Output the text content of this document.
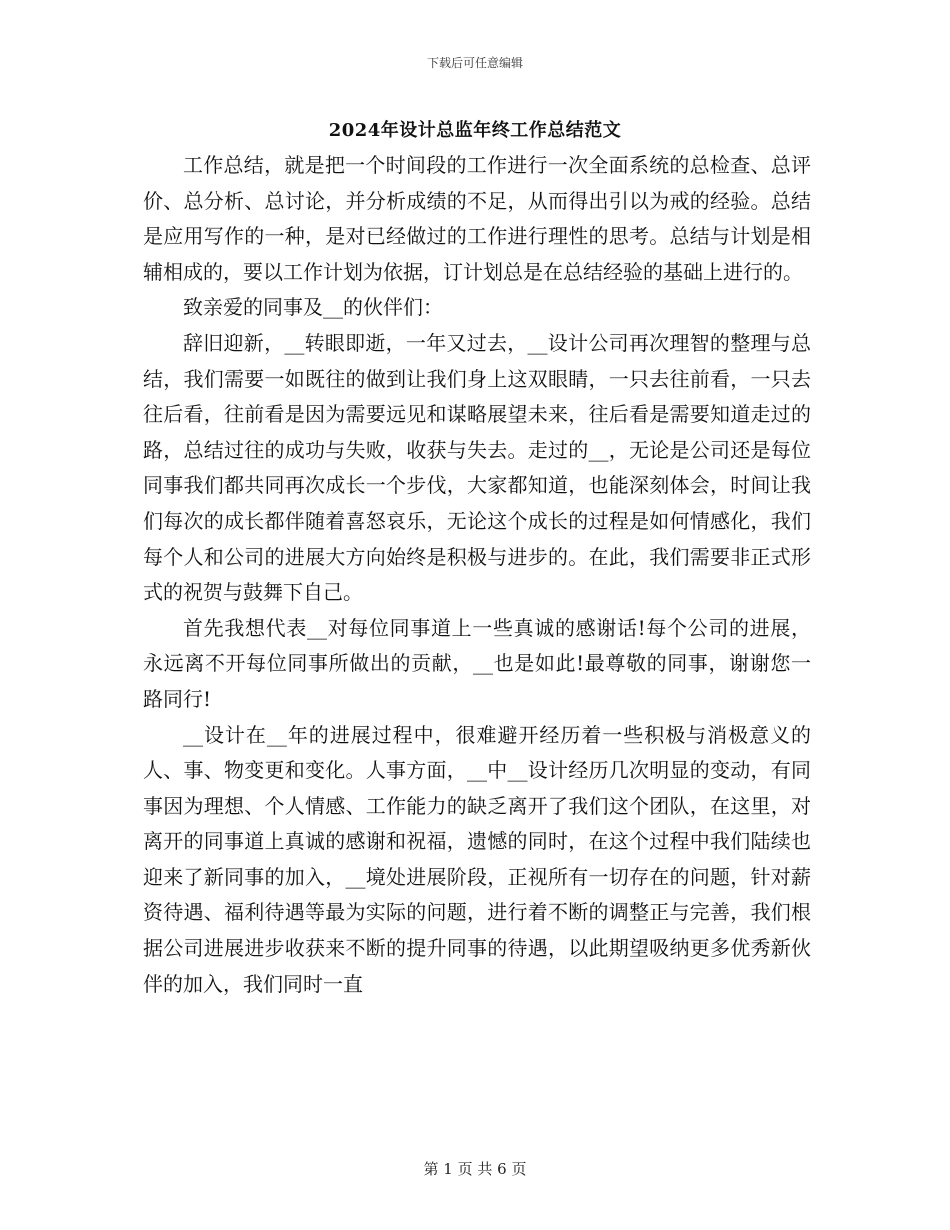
下载后可任意编辑
2024年设计总监年终工作总结范文

工作总结，就是把一个时间段的工作进行一次全面系统的总检查、总评价、总分析、总讨论，并分析成绩的不足，从而得出引以为戒的经验。总结是应用写作的一种，是对已经做过的工作进行理性的思考。总结与计划是相辅相成的，要以工作计划为依据，订计划总是在总结经验的基础上进行的。

致亲爱的同事及__的伙伴们：

辞旧迎新，__转眼即逝，一年又过去，__设计公司再次理智的整理与总结，我们需要一如既往的做到让我们身上这双眼睛，一只去往前看，一只去往后看，往前看是因为需要远见和谋略展望未来，往后看是需要知道走过的路，总结过往的成功与失败，收获与失去。走过的__，无论是公司还是每位同事我们都共同再次成长一个步伐，大家都知道，也能深刻体会，时间让我们每次的成长都伴随着喜怒哀乐，无论这个成长的过程是如何情感化，我们每个人和公司的进展大方向始终是积极与进步的。在此，我们需要非正式形式的祝贺与鼓舞下自己。

首先我想代表__对每位同事道上一些真诚的感谢话!每个公司的进展，永远离不开每位同事所做出的贡献，__也是如此!最尊敬的同事，谢谢您一路同行!

__设计在__年的进展过程中，很难避开经历着一些积极与消极意义的人、事、物变更和变化。人事方面，__中__设计经历几次明显的变动，有同事因为理想、个人情感、工作能力的缺乏离开了我们这个团队，在这里，对离开的同事道上真诚的感谢和祝福，遗憾的同时，在这个过程中我们陆续也迎来了新同事的加入，__境处进展阶段，正视所有一切存在的问题，针对薪资待遇、福利待遇等最为实际的问题，进行着不断的调整正与完善，我们根据公司进展进步收获来不断的提升同事的待遇，以此期望吸纳更多优秀新伙伴的加入，我们同时一直

第 1 页 共 6 页
